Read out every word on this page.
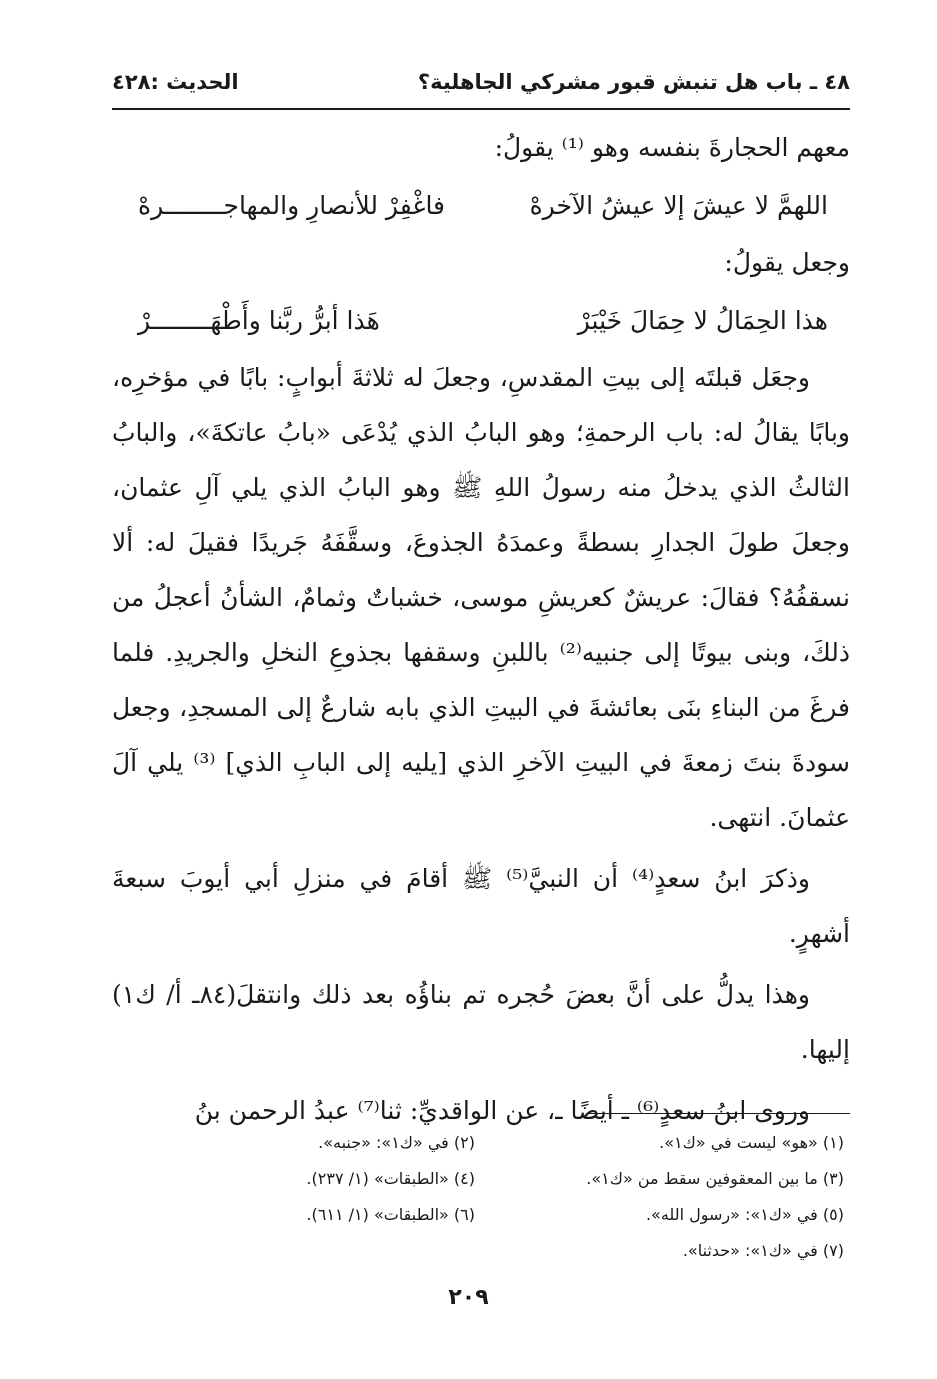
٤٨ ـ باب هل تنبش قبور مشركي الجاهلية؟
الحديث :٤٢٨

معهم الحجارةَ بنفسه وهو ⁽¹⁾ يقولُ:

اللهمَّ لا عيشَ إلا عيشُ الآخرهْ
فاغْفِرْ للأنصارِ والمهاجــــــــرهْ

وجعل يقولُ:

هذا الحِمَالُ لا حِمَالَ خَيْبَرْ
هَذا أبرُّ ربَّنا وأَطْهَــــــــرْ

وجعَل قبلتَه إلى بيتِ المقدسِ، وجعلَ له ثلاثةَ أبوابٍ: بابًا في مؤخرِه، وبابًا يقالُ له: باب الرحمةِ؛ وهو البابُ الذي يُدْعَى «بابُ عاتكةَ»، والبابُ الثالثُ الذي يدخلُ منه رسولُ اللهِ ﷺ وهو البابُ الذي يلي آلِ عثمان، وجعلَ طولَ الجدارِ بسطةً وعمدَهُ الجذوعَ، وسقَّفَهُ جَريدًا فقيلَ له: ألا نسقفُهُ؟ فقالَ: عريشٌ كعريشِ موسى، خشباتٌ وثمامٌ، الشأنُ أعجلُ من ذلكَ، وبنى بيوتًا إلى جنبيه⁽²⁾ باللبنِ وسقفها بجذوعِ النخلِ والجريدِ. فلما فرغَ من البناءِ بنَى بعائشةَ في البيتِ الذي بابه شارعٌ إلى المسجدِ، وجعل سودةَ بنتَ زمعةَ في البيتِ الآخرِ الذي [يليه إلى البابِ الذي] ⁽³⁾ يلي آلَ عثمانَ. انتهى.

وذكرَ ابنُ سعدٍ⁽⁴⁾ أن النبيَّ⁽⁵⁾ ﷺ أقامَ في منزلِ أبي أيوبَ سبعةَ أشهرٍ.

وهذا يدلُّ على أنَّ بعضَ حُجره تم بناؤُه بعد ذلك وانتقلَ(٨٤ـ أ/ ك١) إليها.

وروى ابنُ سعدٍ⁽⁶⁾ ـ أيضًا ـ، عن الواقديِّ: ثنا⁽⁷⁾ عبدُ الرحمن بنُ

(١) «هو» ليست في «ك١».
(٢) في «ك١»: «جنبه».
(٣) ما بين المعقوفين سقط من «ك١».
(٤) «الطبقات» (١/ ٢٣٧).
(٥) في «ك١»: «رسول الله».
(٦) «الطبقات» (١/ ٦١١).
(٧) في «ك١»: «حدثنا».
٢٠٩
